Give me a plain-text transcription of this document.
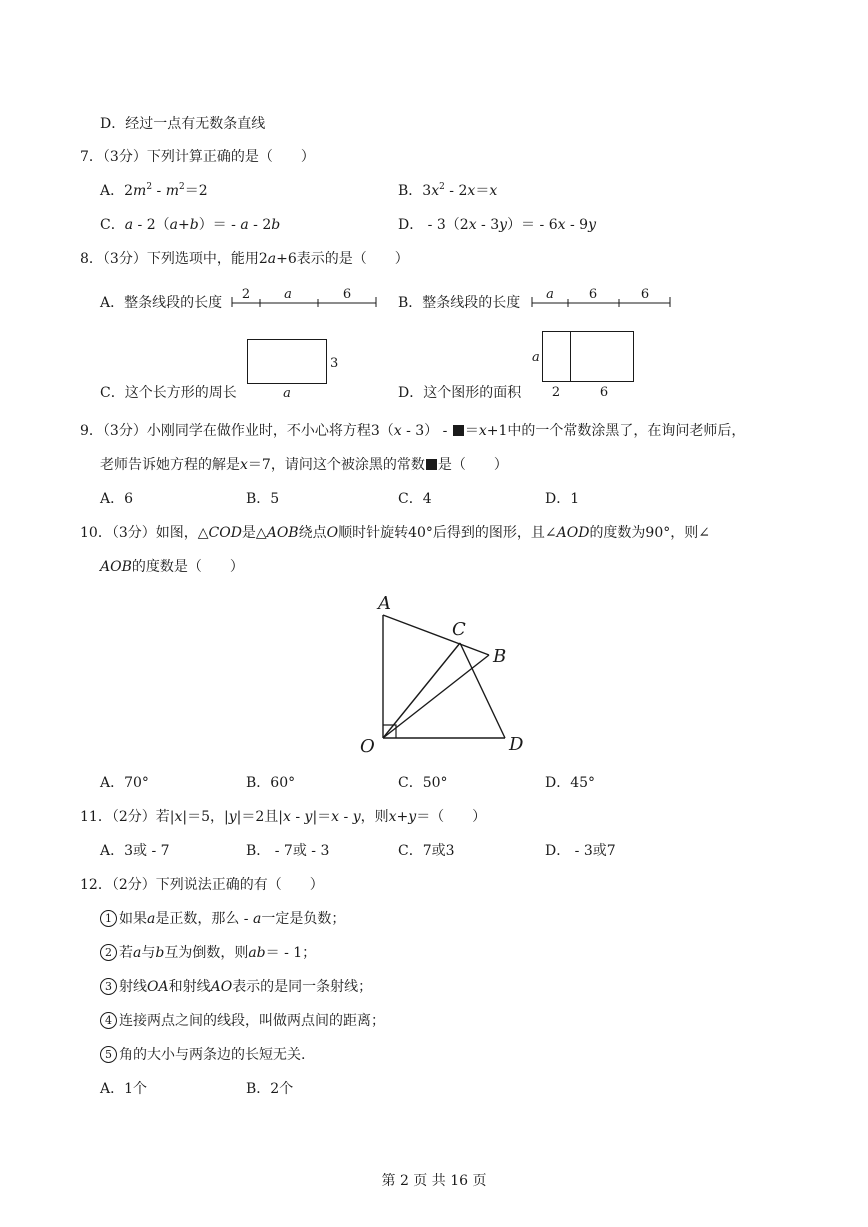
D．经过一点有无数条直线
7．（3分）下列计算正确的是（　　）
A．$2m^2 - m^2=2$	B．$3x^2 - 2x=x$
C．a - 2（a+b）＝ - a - 2b	D． - 3（2x - 3y）＝ - 6x - 9y
8．（3分）下列选项中，能用2a+6表示的是（　　）
A．整条线段的长度
2	a	6
B．整条线段的长度
a	6	6
C．这个长方形的周长
3
a	D．这个图形的面积
a
2	6
9．（3分）小刚同学在做作业时，不小心将方程3（x - 3） - ＝x+1中的一个常数涂黑了，在询问老师后，
老师告诉她方程的解是x＝7，请问这个被涂黑的常数 是（　　）
A．6	B．5	C．4	D．1
10．（3分）如图，△COD是△AOB绕点O顺时针旋转40°后得到的图形，且∠AOD的度数为90°，则∠
AOB的度数是（　　）
A
C
B
O	D
A．70°	B．60°	C．50°	D．45°
11．（2分）若|x|＝5，|y|＝2且|x - y|＝x - y，则x+y＝（　　）
A．3或 - 7	B． - 7或 - 3	C．7或3	D． - 3或7
12．（2分）下列说法正确的有（　　）
1 如果a是正数，那么 - a一定是负数；
2 若a与b互为倒数，则ab＝ - 1；
3 射线OA和射线AO表示的是同一条射线；
4 连接两点之间的线段，叫做两点间的距离；
5 角的大小与两条边的长短无关.
A．1个	B．2个
第 2 页 共 16 页
